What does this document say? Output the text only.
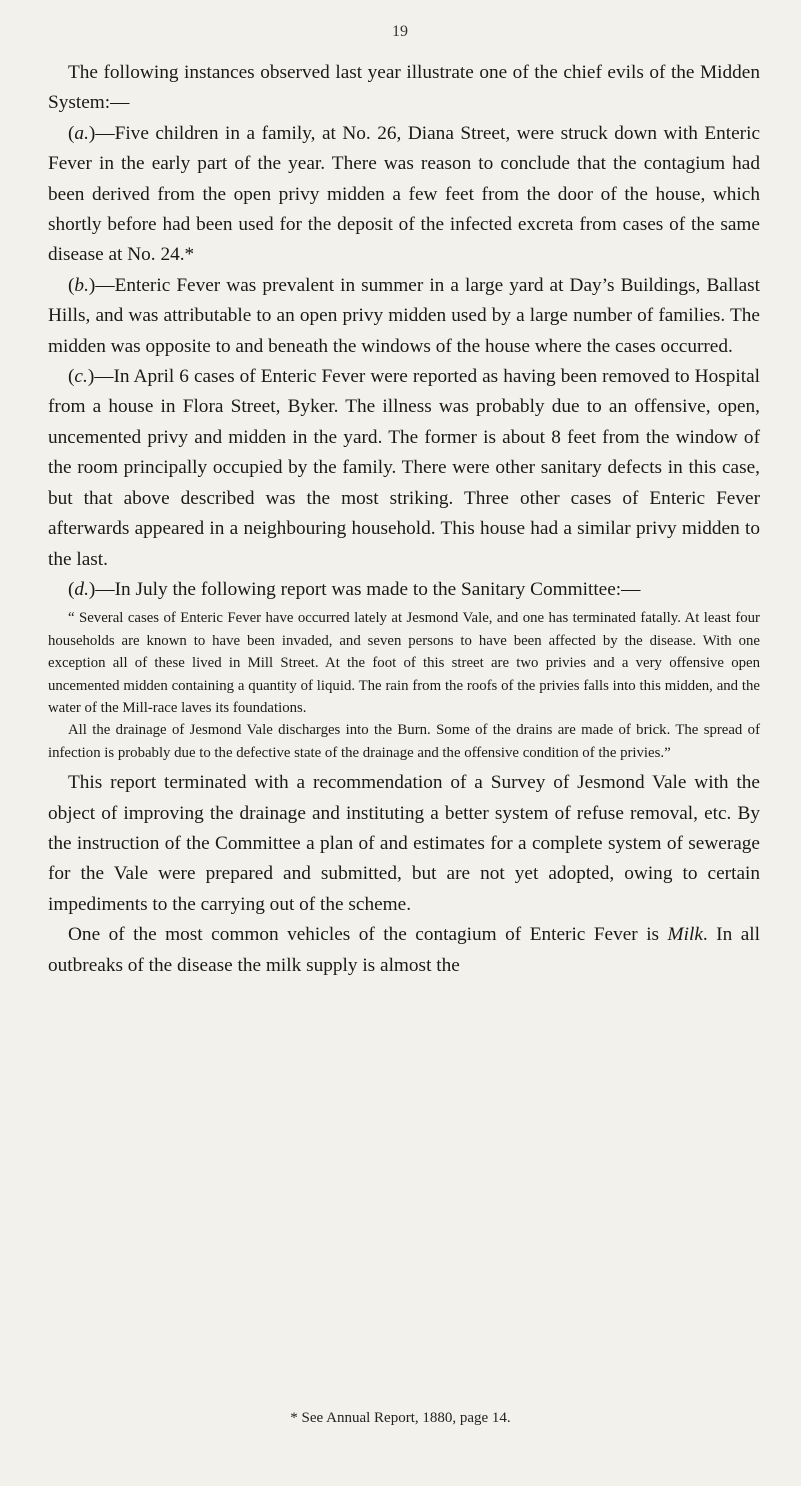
19

The following instances observed last year illustrate one of the chief evils of the Midden System:—

(a.)—Five children in a family, at No. 26, Diana Street, were struck down with Enteric Fever in the early part of the year. There was reason to conclude that the contagium had been derived from the open privy midden a few feet from the door of the house, which shortly before had been used for the deposit of the infected excreta from cases of the same disease at No. 24.*

(b.)—Enteric Fever was prevalent in summer in a large yard at Day’s Buildings, Ballast Hills, and was attributable to an open privy midden used by a large number of families. The midden was opposite to and beneath the windows of the house where the cases occurred.

(c.)—In April 6 cases of Enteric Fever were reported as having been removed to Hospital from a house in Flora Street, Byker. The illness was probably due to an offensive, open, uncemented privy and midden in the yard. The former is about 8 feet from the window of the room principally occupied by the family. There were other sanitary defects in this case, but that above described was the most striking. Three other cases of Enteric Fever afterwards appeared in a neighbouring household. This house had a similar privy midden to the last.

(d.)—In July the following report was made to the Sanitary Committee:—

“ Several cases of Enteric Fever have occurred lately at Jesmond Vale, and one has terminated fatally. At least four households are known to have been invaded, and seven persons to have been affected by the disease. With one exception all of these lived in Mill Street. At the foot of this street are two privies and a very offensive open uncemented midden containing a quantity of liquid. The rain from the roofs of the privies falls into this midden, and the water of the Mill-race laves its foundations.

All the drainage of Jesmond Vale discharges into the Burn. Some of the drains are made of brick. The spread of infection is probably due to the defective state of the drainage and the offensive condition of the privies.”

This report terminated with a recommendation of a Survey of Jesmond Vale with the object of improving the drainage and instituting a better system of refuse removal, etc. By the instruction of the Committee a plan of and estimates for a complete system of sewerage for the Vale were prepared and submitted, but are not yet adopted, owing to certain impediments to the carrying out of the scheme.

One of the most common vehicles of the contagium of Enteric Fever is Milk. In all outbreaks of the disease the milk supply is almost the

* See Annual Report, 1880, page 14.
